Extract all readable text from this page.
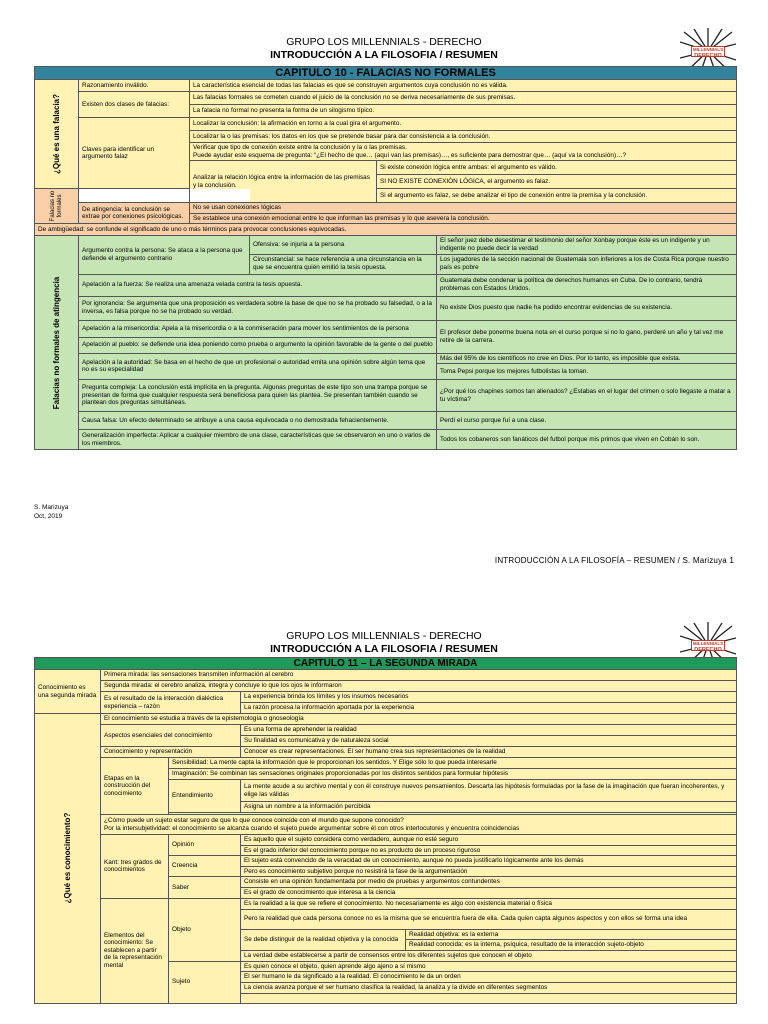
GRUPO LOS MILLENNIALS - DERECHO
INTRODUCCIÓN A LA FILOSOFIA / RESUMEN	MILLENNIALS
DERECHO
CAPITULO 10 - FALACIAS NO FORMALES					

¿Qué es una falacia?	Razonamiento inválido.	La característica esencial de todas las falacias es que se construyen argumentos cuya conclusión no es válida.			
	Existen dos clases de falacias:	Las falacias formales se cometen cuando el juicio de la conclusión no se deriva necesariamente de sus premisas.			
		La falacia no formal no presenta la forma de un silogismo típico.			
	Claves para identificar un argumento falaz	Localizar la conclusión: la afirmación en torno a la cual gira el argumento.			
		Localizar la o las premisas: los datos en los que se pretende basar para dar consistencia a la conclusión.			

		Verificar que tipo de conexión existe entre la conclusión y la o las premisas.
Puede ayudar este esquema de pregunta: “¿El hecho de que… (aquí van las premisas)…, es suficiente para demostrar que… (aquí va la conclusión)…?			

		Analizar la relación lógica entre la información de las premisas y la conclusión.		Si existe conexión lógica entre ambas: el argumento es válido.	
				SI NO EXISTE CONEXIÓN LÓGICA, el argumento es falaz.	

Falacias no formales				Si el argumento es falaz, se debe analizar el tipo de conexión entre la premisa y la conclusión.	
	De atingencia: la conclusión se extrae por conexiones psicológicas.	No se usan conexiones lógicas
Se establece una conexión emocional entre lo que informan las premisas y lo que asevera la conclusión.			

De ambigüedad: se confunde el significado de uno o más términos para provocar conclusiones equivocadas.					

Falacias no formales de atingencia	Argumento contra la persona: Se ataca a la persona que defiende el argumento contrario		Ofensiva: se injuria a la persona		El señor juez debe desestimar el testimonio del señor Xonbay porque éste es un indigente y un indigente no puede decir la verdad
			Circunstancial: se hace referencia a una circunstancia en la que se encuentra quién emitió la tesis opuesta.		Los jugadores de la sección nacional de Guatemala son inferiores a los de Costa Rica porque nuestro país es pobre
	Apelación a la fuerza: Se realiza una amenaza velada contra la tesis opuesta.				Guatemala debe condenar la política de derechos humanos en Cuba. De lo contrario, tendrá problemas con Estados Unidos.
	Por ignorancia: Se argumenta que una proposición es verdadera sobre la base de que no se ha probado su falsedad, o a la inversa, es falsa porque no se ha probado su verdad.				No existe Dios puesto que nadie ha podido encontrar evidencias de su existencia.
	Apelación a la misericordia: Apela a la misericordia o a la conmiseración para mover los sentimientos de la persona				El profesor debe ponerme buena nota en el curso porque si no lo gano, perderé un año y tal vez me retire de la carrera.
	Apelación al pueblo: se defiende una idea poniendo como prueba o argumento la opinión favorable de la gente o del pueblo				
	Apelación a la autoridad: Se basa en el hecho de que un profesional o autoridad emita una opinión sobre algún tema que no es su especialidad				Más del 95% de los científicos no cree en Dios. Por lo tanto, es imposible que exista.
					Toma Pepsi porque los mejores futbolistas la toman.
	Pregunta compleja: La conclusión está implícita en la pregunta. Algunas preguntas de este tipo son una trampa porque se presentan de forma que cualquier respuesta será beneficiosa para quien las plantea. Se presentan también cuando se plantean dos preguntas simultáneas.				¿Por qué los chapines somos tan alienados? ¿Estabas en el lugar del crimen o solo llegaste a matar a tu víctima?
	Causa falsa: Un efecto determinado se atribuye a una causa equivocada o no demostrada fehacientemente.				Perdí el curso porque fuí a una clase.
	Generalización imperfecta: Aplicar a cualquier miembro de una clase, características que se observaron en uno o varios de los miembros.				Todos los cobaneros son fanáticos del futbol porque mis primos que viven en Cobán lo son.
S. Marizuya
Oct, 2019
INTRODUCCIÓN A LA FILOSOFÍA – RESUMEN / S. Marizuya 1
GRUPO LOS MILLENNIALS - DERECHO
INTRODUCCIÓN A LA FILOSOFIA / RESUMEN	MILLENNIALS
DERECHO
CAPITULO 11 – LA SEGUNDA MIRADA				
Conocimiento es una segunda mirada	Primera mirada: las sensaciones transmiten información al cerebro			
	Segunda mirada: el cerebro analiza, integra y concluye lo que los ojos le informaron			
	Es el resultado de la interacción dialéctica experiencia – razón		La experiencia brinda los límites y los insumos necesarios	
			La razón procesa la información aportada por la experiencia	

¿Qué es conocimiento?	El conocimiento se estudia a través de la epistemología o gnoseología			
	Aspectos esenciales del conocimiento		Es una forma de aprehender la realidad	
			Su finalidad es comunicativa y de naturaleza social	
	Conocimiento y representación		Conocer es crear representaciones. El ser humano crea sus representaciones de la realidad	
	Etapas en la construcción del conocimiento	Sensibilidad: La mente capta la información que le proporcionan los sentidos. Y Elige sólo lo que pueda interesarle		
		Imaginación: Se combinan las sensaciones originales proporcionadas por los distintos sentidos para formular hipótesis		
		Entendimiento	La mente acude a su archivo mental y con él construye nuevos pensamientos. Descarta las hipótesis formuladas por la fase de la imaginación que fueran incoherentes, y elige las válidas	
			Asigna un nombre a la información percibida	

	¿Cómo puede un sujeto estar seguro de que lo que conoce coincide con el mundo que supone conocido?
Por la intersubjetividad: el conocimiento se alcanza cuando el sujeto puede argumentar sobre él con otros interlocutores y encuentra coincidencias			

	Kant: tres grados de conocimientos	Opinión	Es aquello que el sujeto considera como verdadero, aunque no esté seguro	
			Es el grado inferior del conocimiento porque no es producto de un proceso riguroso	
		Creencia	El sujeto está convencido de la veracidad de un conocimiento, aunque no pueda justificarlo lógicamente ante los demás	
			Pero es conocimiento subjetivo porque no resistirá la fase de la argumentación	
		Saber	Consiste en una opinión fundamentada por medio de pruebas y argumentos contundentes	
			Es el grado de conocimiento que interesa a la ciencia	
	Elementos del conocimiento: Se establecen a partir de la representación mental	Objeto	Es la realidad a la que se refiere el conocimiento. No necesariamente es algo con existencia material o física	
			Pero la realidad que cada persona conoce no es la misma que se encuentra fuera de ella. Cada quien capta algunos aspectos y con ellos se forma una idea	
			Se debe distinguir de la realidad objetiva y la conocida	Realidad objetiva: es la externa
				Realidad conocida: es la interna, psíquica, resultado de la interacción sujeto-objeto
			La verdad debe establecerse a partir de consensos entre los diferentes sujetos que conocen el objeto	
		Sujeto	Es quien conoce el objeto, quien aprende algo ajeno a sí mismo	
			El ser humano le da significado a la realidad. El conocimiento le da un orden	
			La ciencia avanza porque el ser humano clasifica la realidad, la analiza y la divide en diferentes segmentos	
